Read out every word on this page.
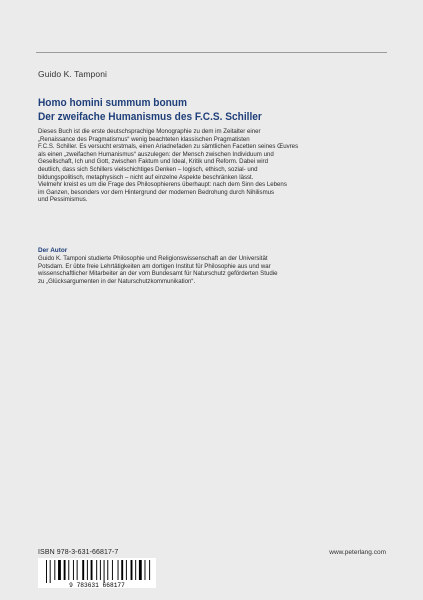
Guido K. Tamponi
Homo homini summum bonum
Der zweifache Humanismus des F.C.S. Schiller
Dieses Buch ist die erste deutschsprachige Monographie zu dem im Zeitalter einer
„Renaissance des Pragmatismus“ wenig beachteten klassischen Pragmatisten
F.C.S. Schiller. Es versucht erstmals, einen Ariadnefaden zu sämtlichen Facetten seines Œuvres
als einen „zweifachen Humanismus“ auszulegen: der Mensch zwischen Individuum und
Gesellschaft, Ich und Gott, zwischen Faktum und Ideal, Kritik und Reform. Dabei wird
deutlich, dass sich Schillers vielschichtiges Denken – logisch, ethisch, sozial- und
bildungspolitisch, metaphysisch – nicht auf einzelne Aspekte beschränken lässt.
Vielmehr kreist es um die Frage des Philosophierens überhaupt: nach dem Sinn des Lebens
im Ganzen, besonders vor dem Hintergrund der modernen Bedrohung durch Nihilismus
und Pessimismus.
Der Autor
Guido K. Tamponi studierte Philosophie und Religionswissenschaft an der Universität
Potsdam. Er übte freie Lehrtätigkeiten am dortigen Institut für Philosophie aus und war
wissenschaftlicher Mitarbeiter an der vom Bundesamt für Naturschutz geförderten Studie
zu „Glücksargumenten in der Naturschutzkommunikation“.
ISBN 978-3-631-66817-7
9 783631 668177
www.peterlang.com
